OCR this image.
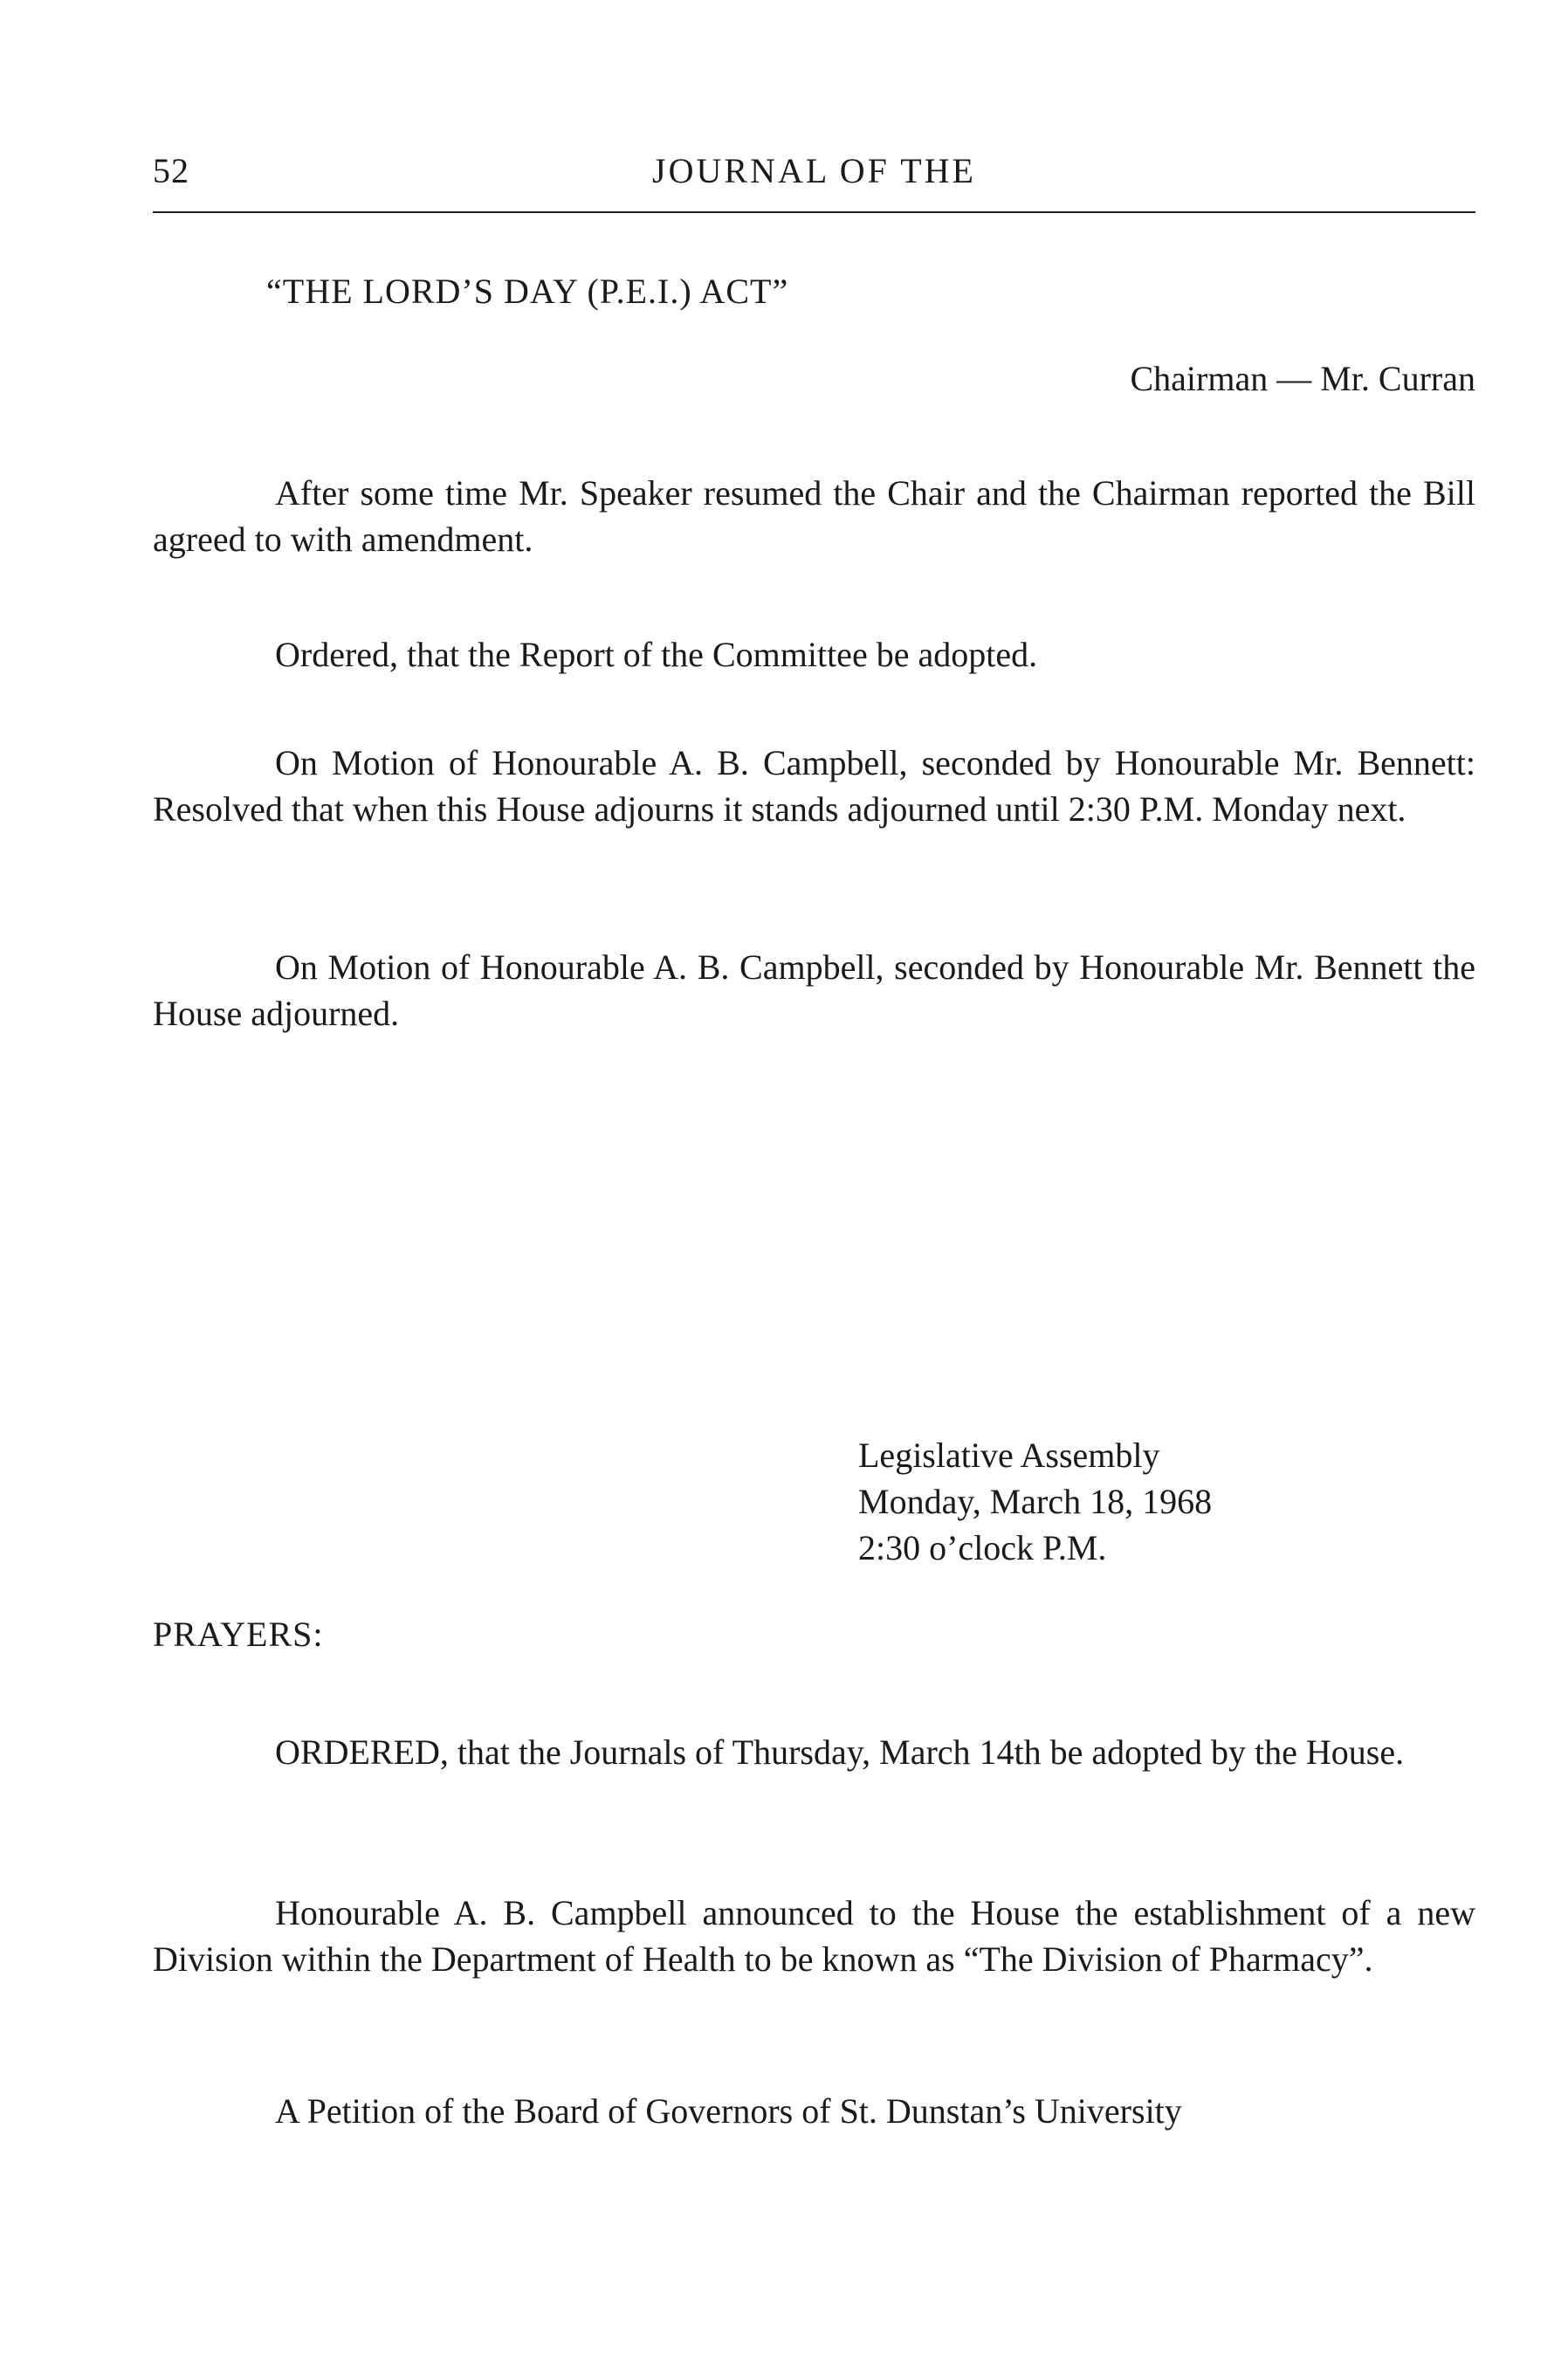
52	JOURNAL OF THE
“THE LORD’S DAY (P.E.I.) ACT”
Chairman — Mr. Curran
After some time Mr. Speaker resumed the Chair and the Chairman reported the Bill agreed to with amendment.
Ordered, that the Report of the Committee be adopted.
On Motion of Honourable A. B. Campbell, seconded by Honourable Mr. Bennett: Resolved that when this House adjourns it stands adjourned until 2:30 P.M. Monday next.
On Motion of Honourable A. B. Campbell, seconded by Honourable Mr. Bennett the House adjourned.
Legislative Assembly
Monday, March 18, 1968
2:30 o’clock P.M.
PRAYERS:
ORDERED, that the Journals of Thursday, March 14th be adopted by the House.
Honourable A. B. Campbell announced to the House the establishment of a new Division within the Department of Health to be known as “The Division of Pharmacy”.
A Petition of the Board of Governors of St. Dunstan’s University
